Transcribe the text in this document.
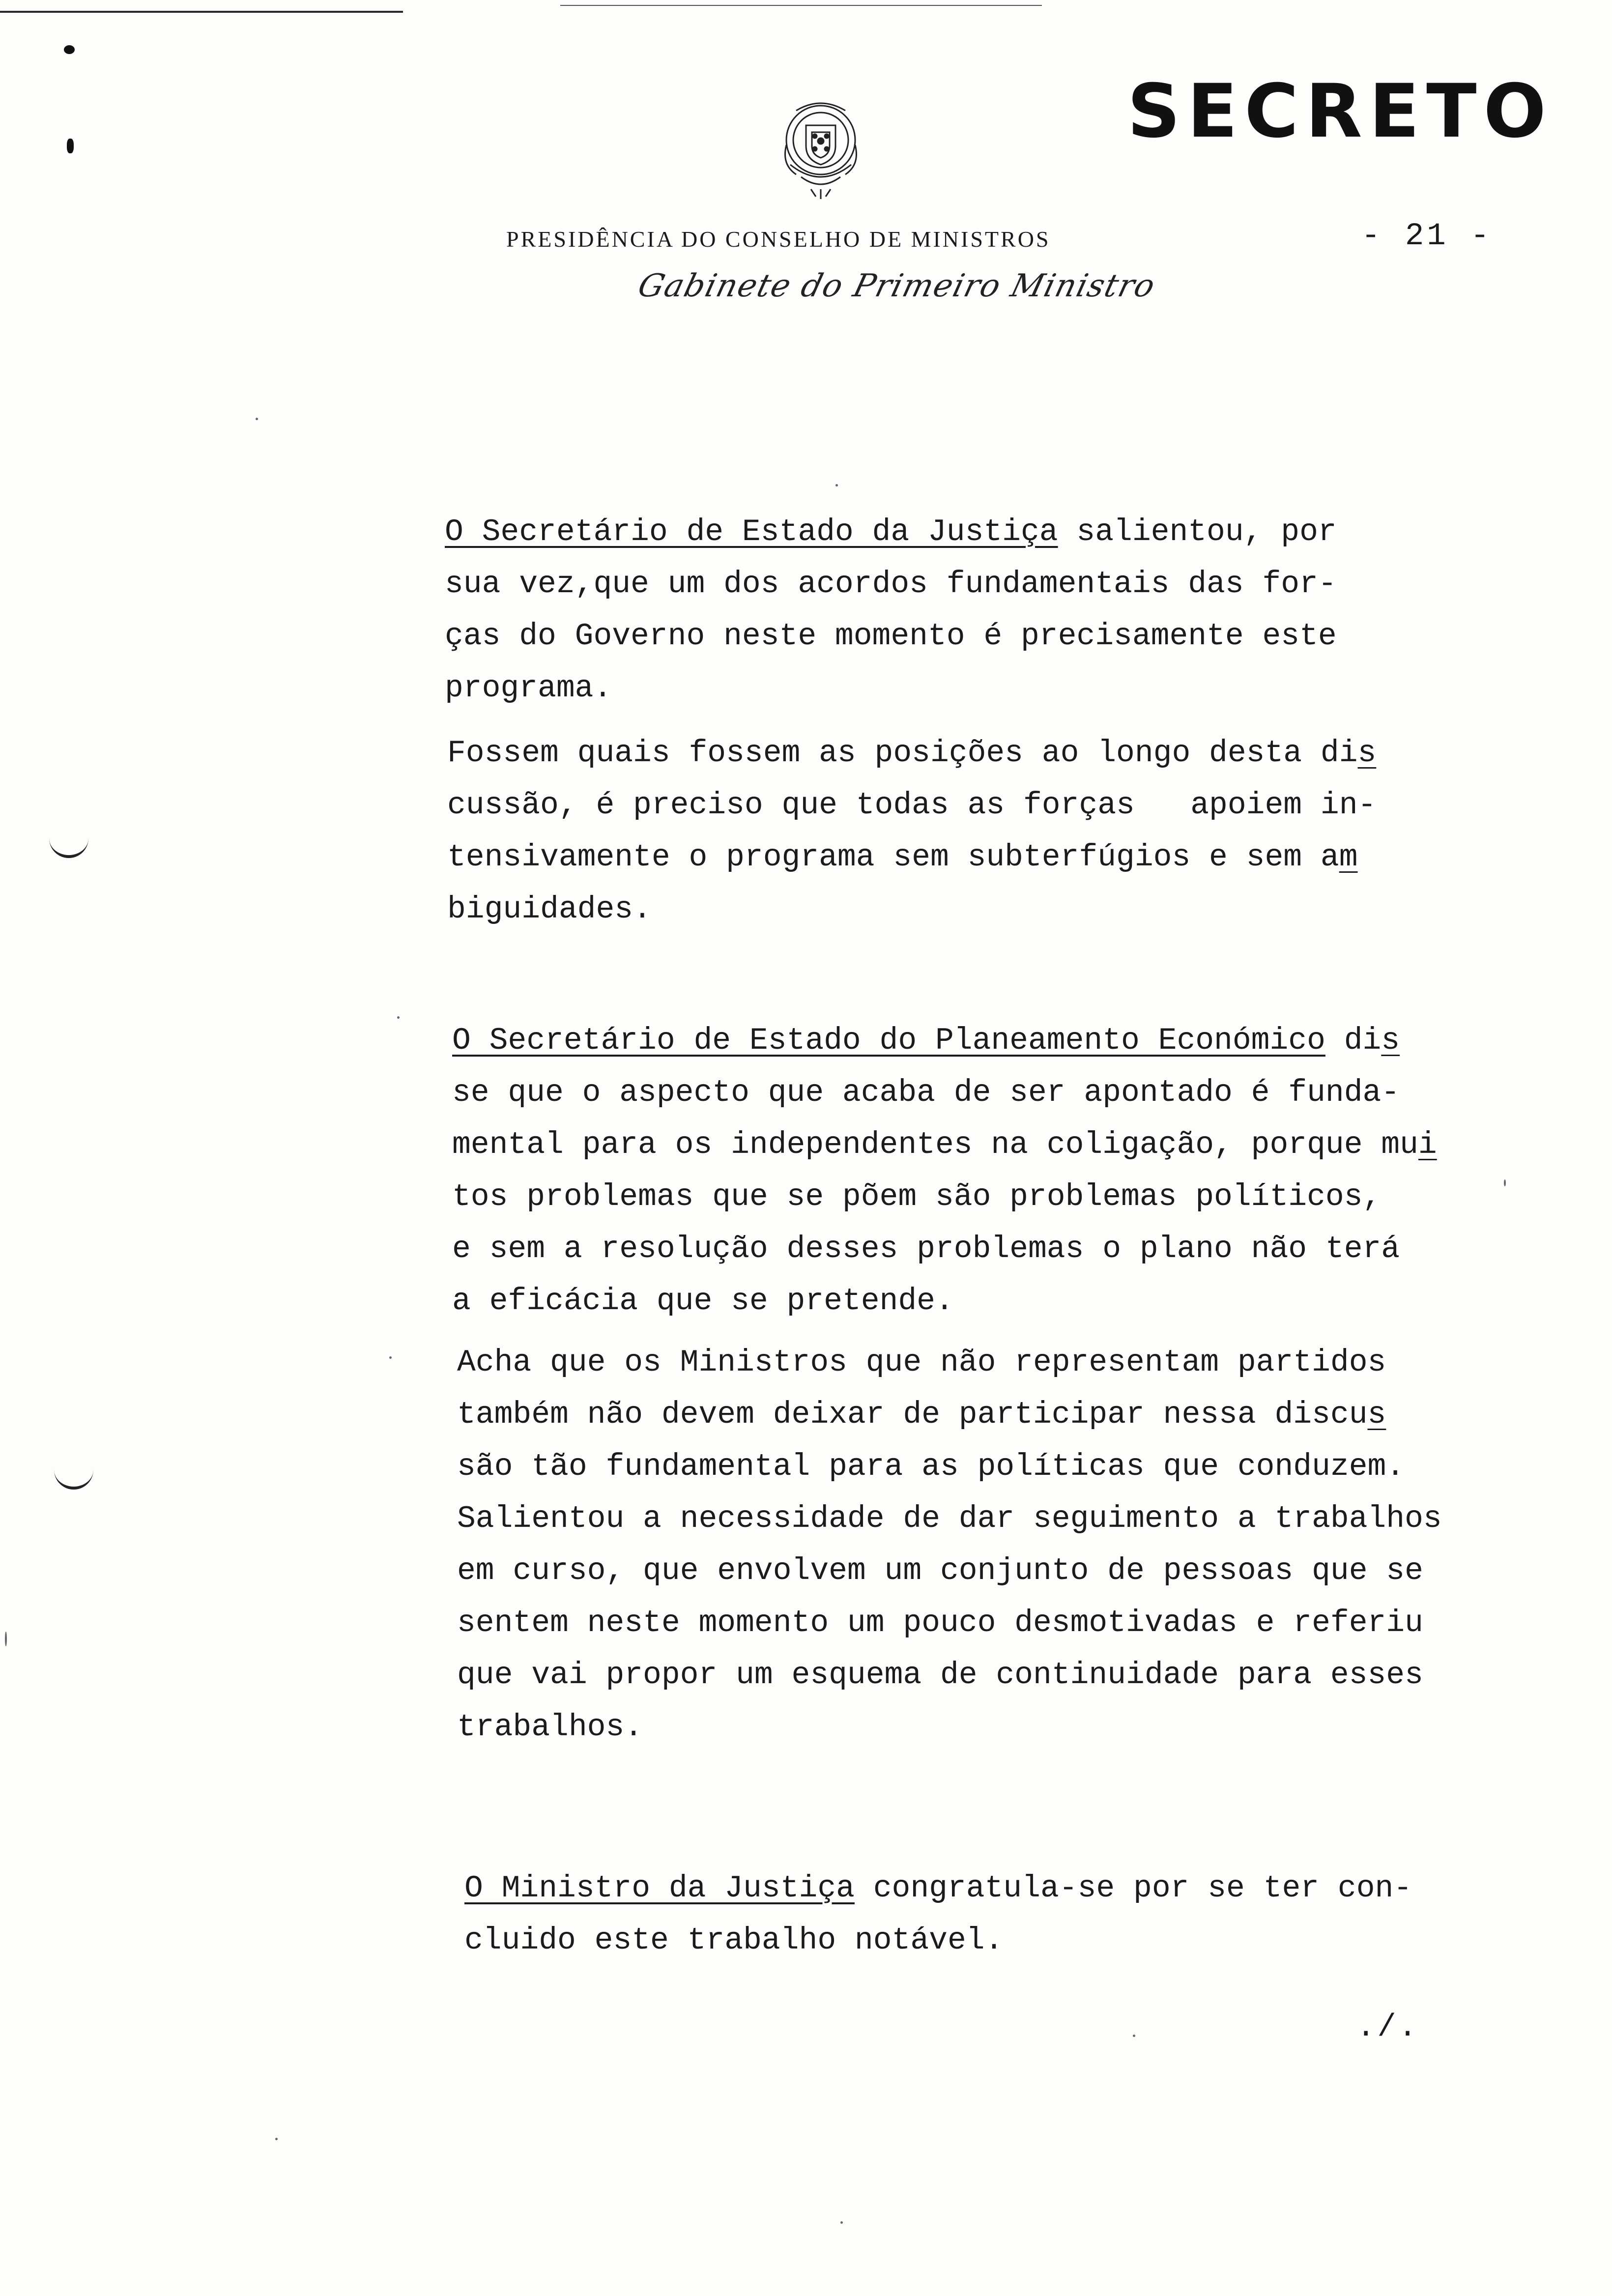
SECRETO
PRESIDÊNCIA DO CONSELHO DE MINISTROS	- 21 -
Gabinete do Primeiro Ministro
O Secretário de Estado da Justiça salientou, por
sua vez,que um dos acordos fundamentais das for-
ças do Governo neste momento é precisamente este
programa.
Fossem quais fossem as posições ao longo desta dis
cussão, é preciso que todas as forças   apoiem in-
tensivamente o programa sem subterfúgios e sem am
biguidades.
O Secretário de Estado do Planeamento Económico dis
se que o aspecto que acaba de ser apontado é funda-
mental para os independentes na coligação, porque mui
tos problemas que se põem são problemas políticos,
e sem a resolução desses problemas o plano não terá
a eficácia que se pretende.
Acha que os Ministros que não representam partidos
também não devem deixar de participar nessa discus
são tão fundamental para as políticas que conduzem.
Salientou a necessidade de dar seguimento a trabalhos
em curso, que envolvem um conjunto de pessoas que se
sentem neste momento um pouco desmotivadas e referiu
que vai propor um esquema de continuidade para esses
trabalhos.
O Ministro da Justiça congratula-se por se ter con-
cluido este trabalho notável.
./.
